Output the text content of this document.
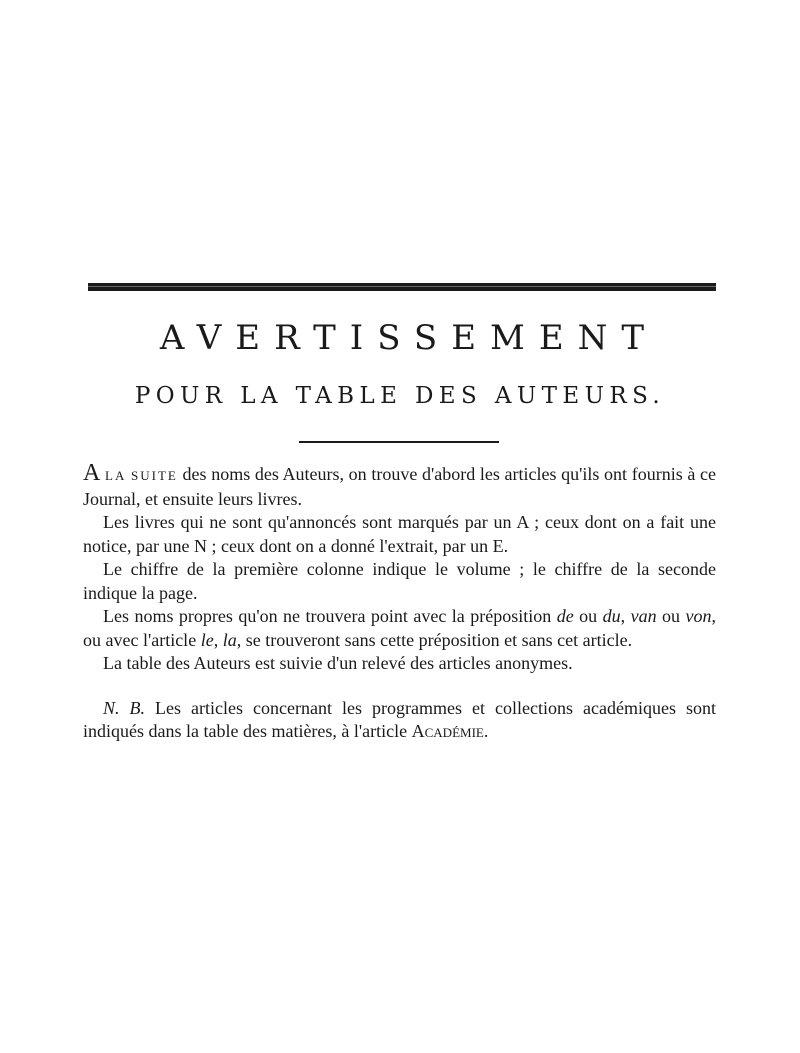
AVERTISSEMENT
POUR LA TABLE DES AUTEURS.

A LA SUITE des noms des Auteurs, on trouve d'abord les articles qu'ils ont fournis à ce Journal, et ensuite leurs livres.

Les livres qui ne sont qu'annoncés sont marqués par un A ; ceux dont on a fait une notice, par une N ; ceux dont on a donné l'extrait, par un E.

Le chiffre de la première colonne indique le volume ; le chiffre de la seconde indique la page.

Les noms propres qu'on ne trouvera point avec la préposition de ou du, van ou von, ou avec l'article le, la, se trouveront sans cette préposition et sans cet article.

La table des Auteurs est suivie d'un relevé des articles anonymes.

N. B. Les articles concernant les programmes et collections académiques sont indiqués dans la table des matières, à l'article Académie.
